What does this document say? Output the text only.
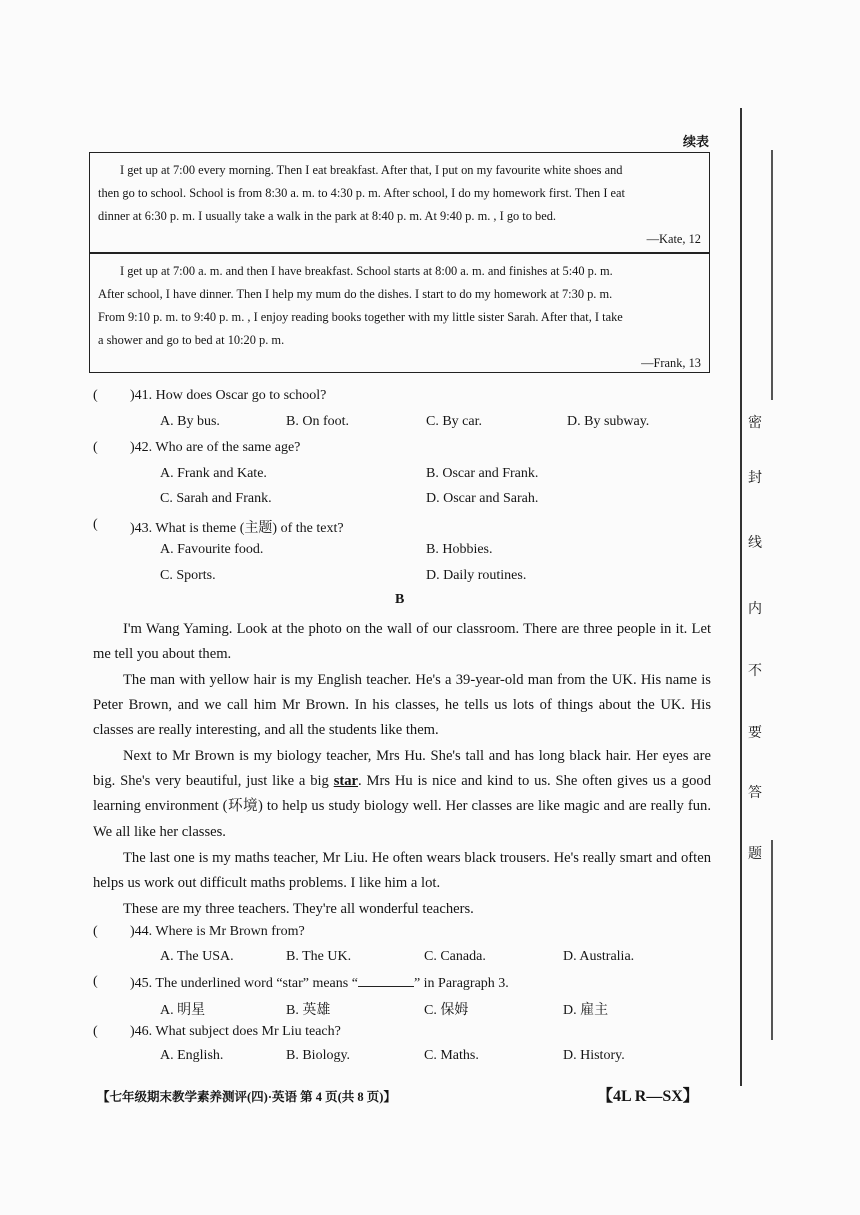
续表

I get up at 7:00 every morning. Then I eat breakfast. After that, I put on my favourite white shoes and

then go to school. School is from 8:30 a. m. to 4:30 p. m. After school, I do my homework first. Then I eat

dinner at 6:30 p. m. I usually take a walk in the park at 8:40 p. m. At 9:40 p. m. , I go to bed.

—Kate, 12

I get up at 7:00 a. m. and then I have breakfast. School starts at 8:00 a. m. and finishes at 5:40 p. m.

After school, I have dinner. Then I help my mum do the dishes. I start to do my homework at 7:30 p. m.

From 9:10 p. m. to 9:40 p. m. , I enjoy reading books together with my little sister Sarah. After that, I take

a shower and go to bed at 10:20 p. m.

—Frank, 13
( )41. How does Oscar go to school?
A. By bus.	B. On foot.	C. By car.	D. By subway.
( )42. Who are of the same age?
A. Frank and Kate.	B. Oscar and Frank.
C. Sarah and Frank.	D. Oscar and Sarah.
( )43. What is theme (主题) of the text?
A. Favourite food.	B. Hobbies.
C. Sports.	D. Daily routines.
B

I'm Wang Yaming. Look at the photo on the wall of our classroom. There are three people in it. Let me tell you about them.

The man with yellow hair is my English teacher. He's a 39-year-old man from the UK. His name is Peter Brown, and we call him Mr Brown. In his classes, he tells us lots of things about the UK. His classes are really interesting, and all the students like them.

Next to Mr Brown is my biology teacher, Mrs Hu. She's tall and has long black hair. Her eyes are big. She's very beautiful, just like a big star. Mrs Hu is nice and kind to us. She often gives us a good learning environment (环境) to help us study biology well. Her classes are like magic and are really fun. We all like her classes.

The last one is my maths teacher, Mr Liu. He often wears black trousers. He's really smart and often helps us work out difficult maths problems. I like him a lot.

These are my three teachers. They're all wonderful teachers.

( )44. Where is Mr Brown from?
A. The USA.	B. The UK.	C. Canada.	D. Australia.
( )45. The underlined word “star” means “	” in Paragraph 3.
A. 明星	B. 英雄	C. 保姆	D. 雇主
( )46. What subject does Mr Liu teach?
A. English.	B. Biology.	C. Maths.	D. History.
【七年级期末教学素养测评(四)·英语 第 4 页(共 8 页)】	【4L R—SX】
密
封
线
内
不
要
答
题
